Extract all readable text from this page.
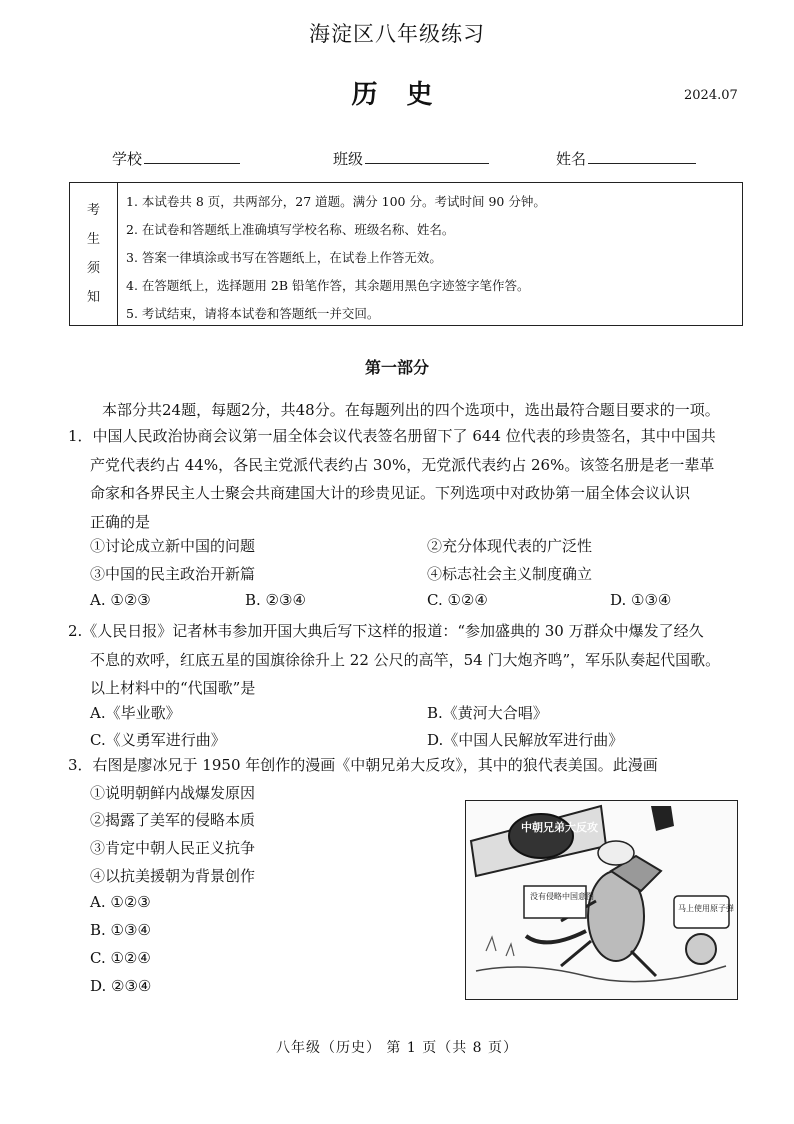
海淀区八年级练习
历 史	2024.07
学校	班级	姓名
考
生
须
知
1. 本试卷共 8 页，共两部分，27 道题。满分 100 分。考试时间 90 分钟。
2. 在试卷和答题纸上准确填写学校名称、班级名称、姓名。
3. 答案一律填涂或书写在答题纸上，在试卷上作答无效。
4. 在答题纸上，选择题用 2B 铅笔作答，其余题用黑色字迹签字笔作答。
5. 考试结束，请将本试卷和答题纸一并交回。
第一部分
本部分共24题，每题2分，共48分。在每题列出的四个选项中，选出最符合题目要求的一项。
1．中国人民政治协商会议第一届全体会议代表签名册留下了 644 位代表的珍贵签名，其中中国共
产党代表约占 44%，各民主党派代表约占 30%，无党派代表约占 26%。该签名册是老一辈革
命家和各界民主人士聚会共商建国大计的珍贵见证。下列选项中对政协第一届全体会议认识
正确的是
①讨论成立新中国的问题	②充分体现代表的广泛性
③中国的民主政治开新篇	④标志社会主义制度确立
A. ①②③	B. ②③④	C. ①②④	D. ①③④
2.《人民日报》记者林韦参加开国大典后写下这样的报道：“参加盛典的 30 万群众中爆发了经久
不息的欢呼，红底五星的国旗徐徐升上 22 公尺的高竿，54 门大炮齐鸣”，军乐队奏起代国歌。
以上材料中的“代国歌”是
A.《毕业歌》	B.《黄河大合唱》
C.《义勇军进行曲》	D.《中国人民解放军进行曲》
3．右图是廖冰兄于 1950 年创作的漫画《中朝兄弟大反攻》，其中的狼代表美国。此漫画
①说明朝鲜内战爆发原因
②揭露了美军的侵略本质
③肯定中朝人民正义抗争
④以抗美援朝为背景创作
A. ①②③
B. ①③④
C. ①②④
D. ②③④
中朝兄弟大反攻
没有侵略中国意图
马上使用原子弹
八年级（历史） 第 1 页（共 8 页）
